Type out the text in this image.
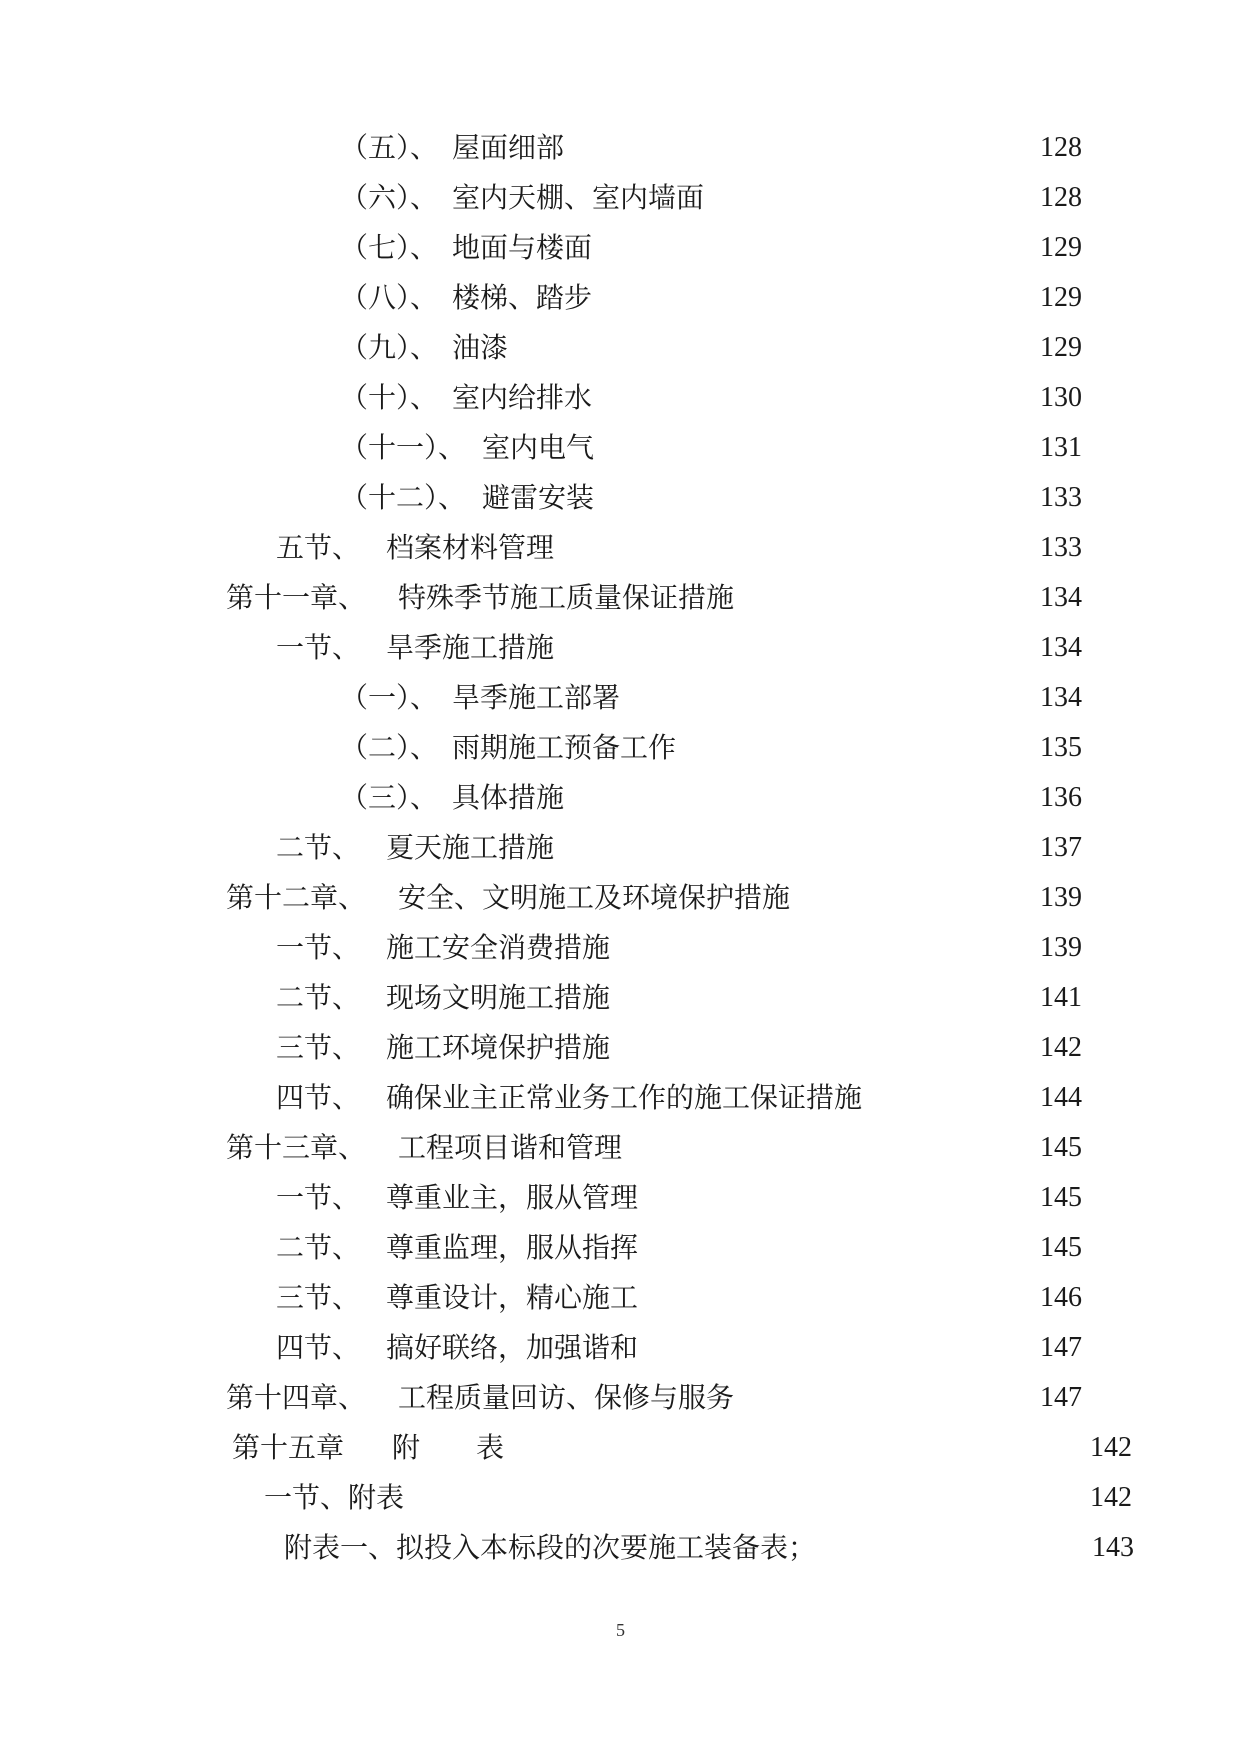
（五）、 屋面细部	128
（六）、 室内天棚、室内墙面	128
（七）、 地面与楼面	129
（八）、 楼梯、踏步	129
（九）、 油漆	129
（十）、 室内给排水	130
（十一）、 室内电气	131
（十二）、 避雷安装	133
五节、 档案材料管理	133
第十一章、 特殊季节施工质量保证措施	134
一节、 旱季施工措施	134
（一）、 旱季施工部署	134
（二）、 雨期施工预备工作	135
（三）、 具体措施	136
二节、 夏天施工措施	137
第十二章、 安全、文明施工及环境保护措施	139
一节、 施工安全消费措施	139
二节、 现场文明施工措施	141
三节、 施工环境保护措施	142
四节、 确保业主正常业务工作的施工保证措施	144
第十三章、 工程项目谐和管理	145
一节、 尊重业主，服从管理	145
二节、 尊重监理，服从指挥	145
三节、 尊重设计，精心施工	146
四节、 搞好联络，加强谐和	147
第十四章、 工程质量回访、保修与服务	147
第十五章 附　　表	142
一节、附表	142
附表一、拟投入本标段的次要施工装备表；	143
5
